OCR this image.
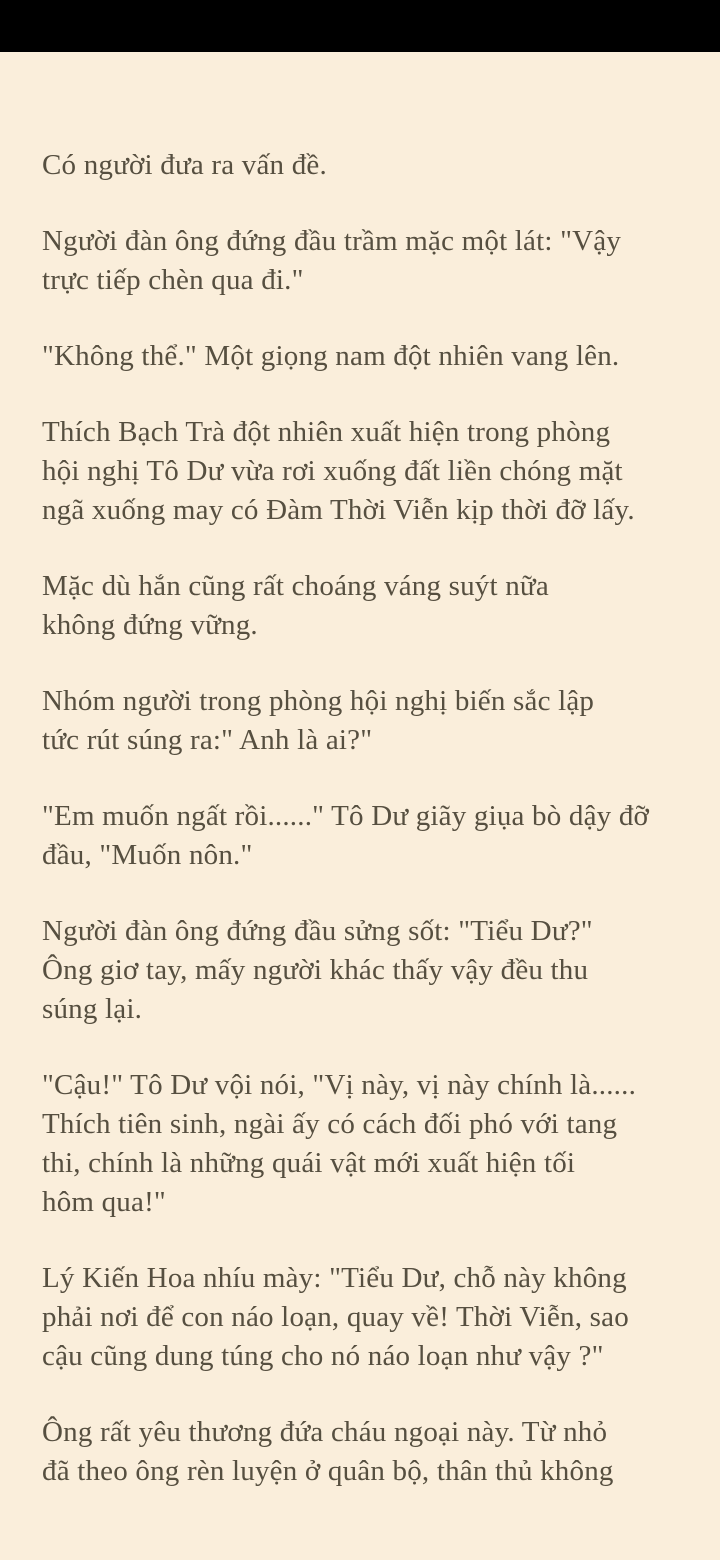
Có người đưa ra vấn đề.

Người đàn ông đứng đầu trầm mặc một lát: "Vậy
trực tiếp chèn qua đi."

"Không thể." Một giọng nam đột nhiên vang lên.

Thích Bạch Trà đột nhiên xuất hiện trong phòng
hội nghị Tô Dư vừa rơi xuống đất liền chóng mặt
ngã xuống may có Đàm Thời Viễn kịp thời đỡ lấy.

Mặc dù hắn cũng rất choáng váng suýt nữa
không đứng vững.

Nhóm người trong phòng hội nghị biến sắc lập
tức rút súng ra:" Anh là ai?"

"Em muốn ngất rồi......" Tô Dư giãy giụa bò dậy đỡ
đầu, "Muốn nôn."

Người đàn ông đứng đầu sửng sốt: "Tiểu Dư?"
Ông giơ tay, mấy người khác thấy vậy đều thu
súng lại.

"Cậu!" Tô Dư vội nói, "Vị này, vị này chính là......
Thích tiên sinh, ngài ấy có cách đối phó với tang
thi, chính là những quái vật mới xuất hiện tối
hôm qua!"

Lý Kiến Hoa nhíu mày: "Tiểu Dư, chỗ này không
phải nơi để con náo loạn, quay về! Thời Viễn, sao
cậu cũng dung túng cho nó náo loạn như vậy ?"

Ông rất yêu thương đứa cháu ngoại này. Từ nhỏ
đã theo ông rèn luyện ở quân bộ, thân thủ không
